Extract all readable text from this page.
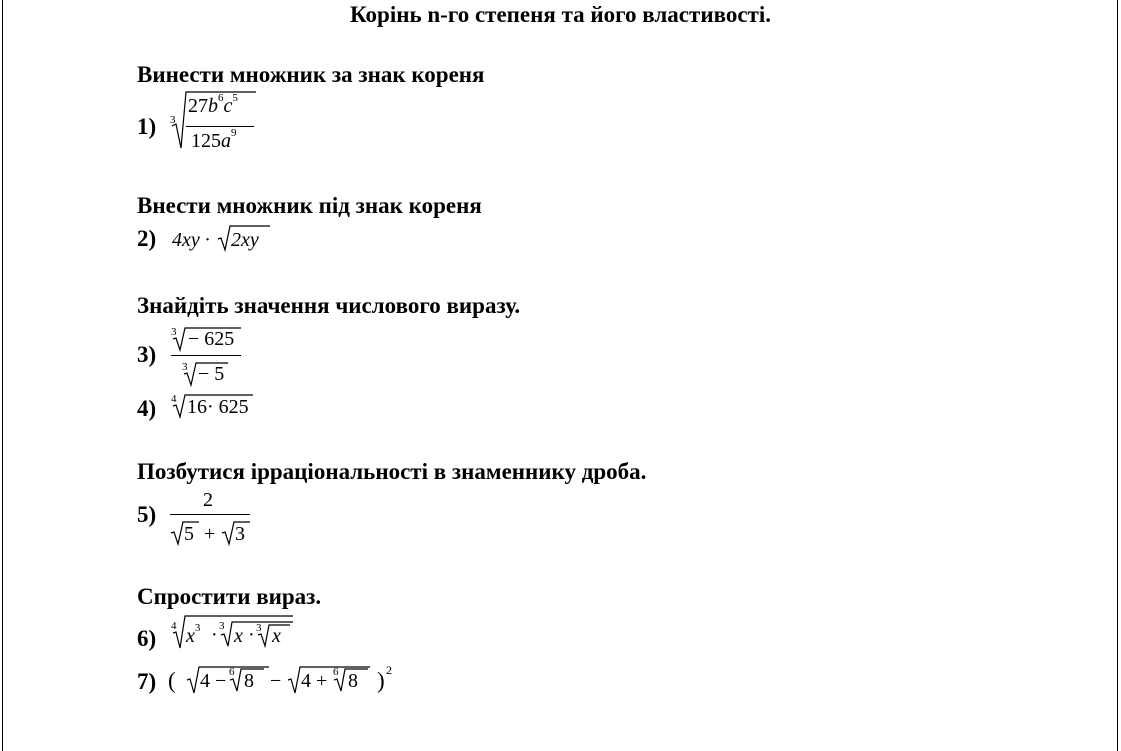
Корінь n-го степеня та його властивості.
Винести множник за знак кореня
1) 3
$27b^6c^5$
$125a^9$
Внести множник під знак кореня
2) 4xy · 2xy
Знайдіть значення числового виразу.
3)
3 − 625
3 − 5
4) 4 16· 625
Позбутися ірраціональності в знаменнику дроба.
5)
2
5 + 3
Спростити вираз.
6) 4 $x^3 \cdot 3$ x · 3 x
7) ( 4 − 6 8 − 4 + 6 8 ) 2
